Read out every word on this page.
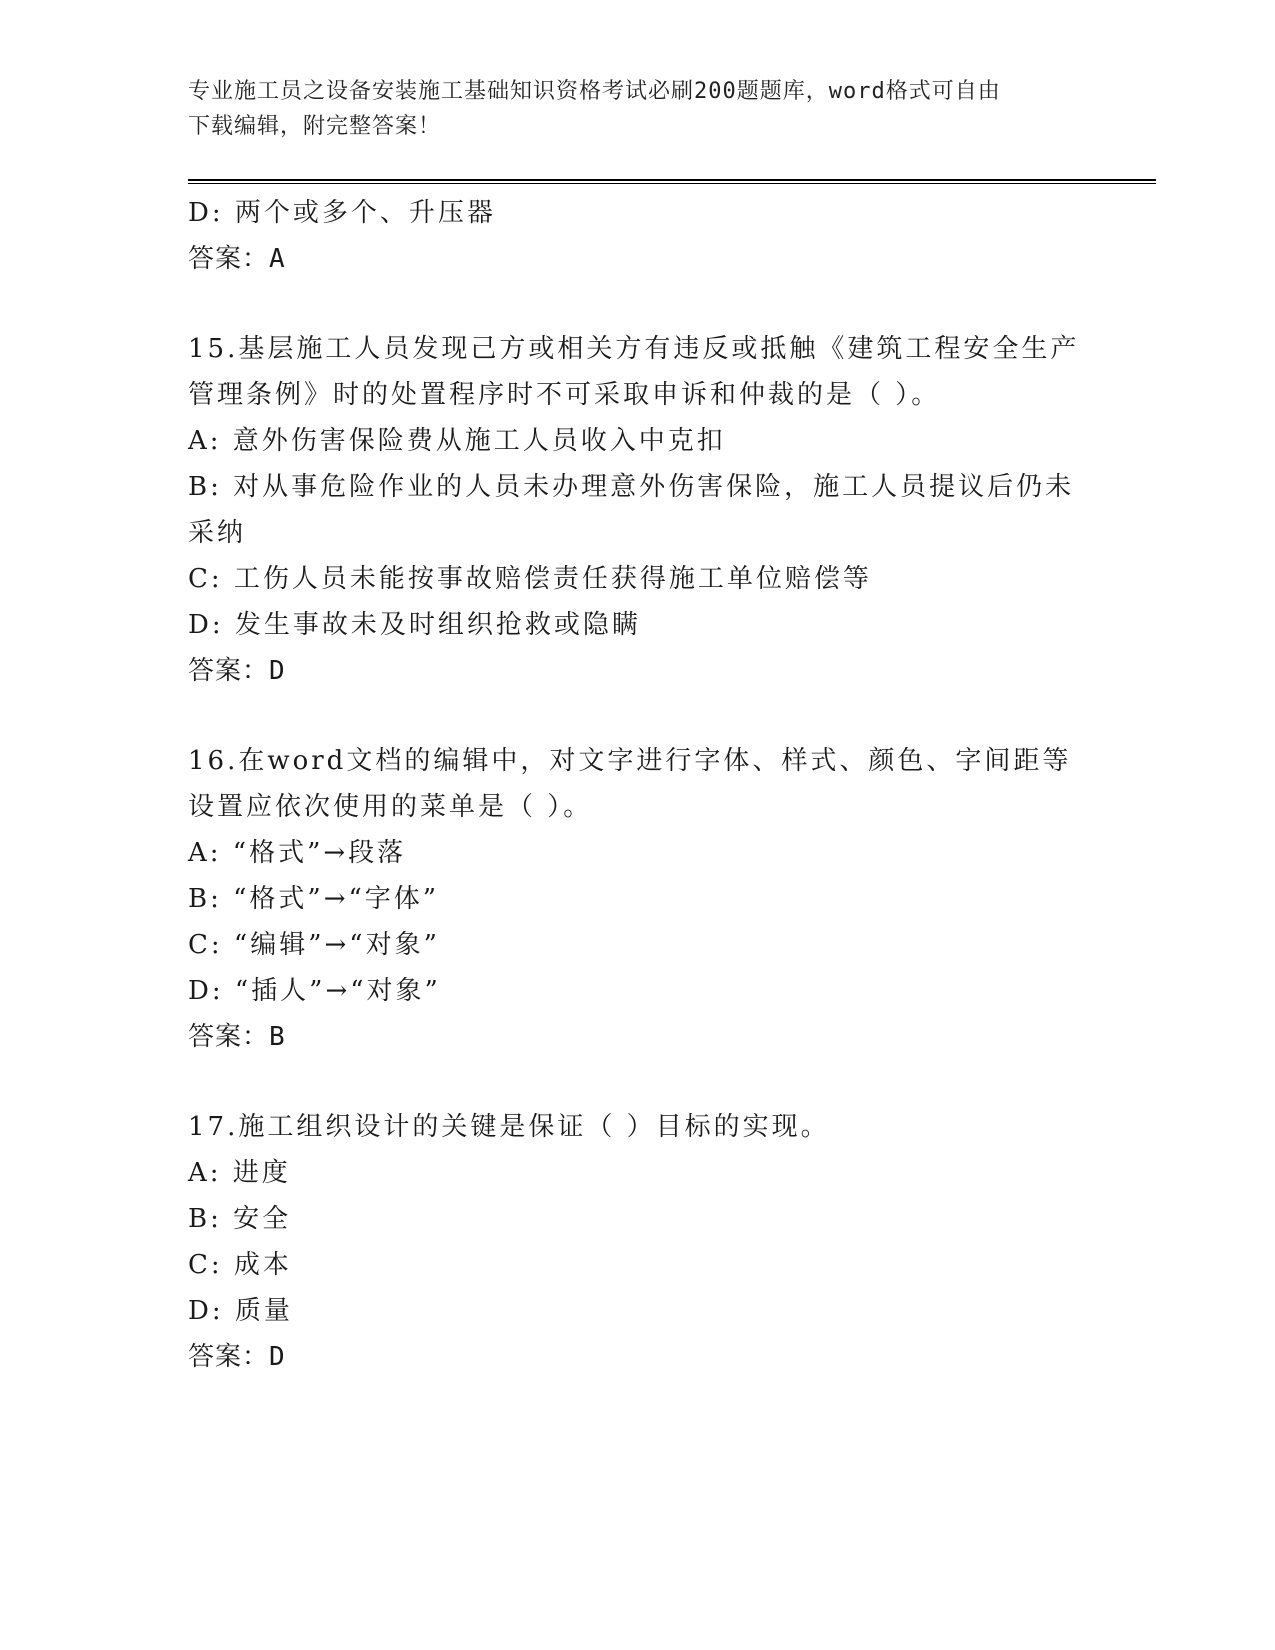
专业施工员之设备安装施工基础知识资格考试必刷200题题库，word格式可自由
下载编辑，附完整答案！
D: 两个或多个、升压器
答案：A
15.基层施工人员发现己方或相关方有违反或抵触《建筑工程安全生产
管理条例》时的处置程序时不可采取申诉和仲裁的是（ ）。
A: 意外伤害保险费从施工人员收入中克扣
B: 对从事危险作业的人员未办理意外伤害保险，施工人员提议后仍未
采纳
C: 工伤人员未能按事故赔偿责任获得施工单位赔偿等
D: 发生事故未及时组织抢救或隐瞒
答案：D
16.在word文档的编辑中，对文字进行字体、样式、颜色、字间距等
设置应依次使用的菜单是（ ）。
A: “格式”→段落
B: “格式”→“字体”
C: “编辑”→“对象”
D: “插人”→“对象”
答案：B
17.施工组织设计的关键是保证（ ）目标的实现。
A: 进度
B: 安全
C: 成本
D: 质量
答案：D
